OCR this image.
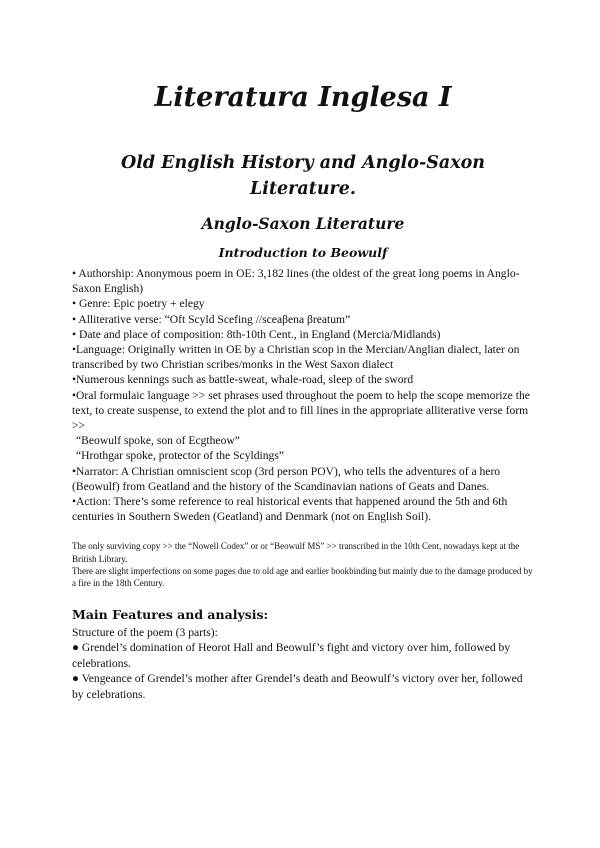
Literatura Inglesa I
Old English History and Anglo-Saxon Literature.
Anglo-Saxon Literature
Introduction to Beowulf
• Authorship: Anonymous poem in OE: 3,182 lines (the oldest of the great long poems in Anglo-Saxon English)
• Genre: Epic poetry + elegy
• Alliterative verse: “Oft Scyld Scefing //sceaβena βreatum”
• Date and place of composition: 8th-10th Cent., in England (Mercia/Midlands)
•Language: Originally written in OE by a Christian scop in the Mercian/Anglian dialect, later on transcribed by two Christian scribes/monks in the West Saxon dialect
•Numerous kennings such as battle-sweat, whale-road, sleep of the sword
•Oral formulaic language >> set phrases used throughout the poem to help the scope memorize the text, to create suspense, to extend the plot and to fill lines in the appropriate alliterative verse form >>
“Beowulf spoke, son of Ecgtheow”
“Hrothgar spoke, protector of the Scyldings”
•Narrator: A Christian omniscient scop (3rd person POV), who tells the adventures of a hero (Beowulf) from Geatland and the history of the Scandinavian nations of Geats and Danes.
•Action: There’s some reference to real historical events that happened around the 5th and 6th centuries in Southern Sweden (Geatland) and Denmark (not on English Soil).

The only surviving copy >> the “Nowell Codex” or or “Beowulf MS” >> transcribed in the 10th Cent, nowadays kept at the British Library.

There are slight imperfections on some pages due to old age and earlier bookbinding but mainly due to the damage produced by a fire in the 18th Century.

Main Features and analysis:
Structure of the poem (3 parts):
● Grendel’s domination of Heorot Hall and Beowulf’s fight and victory over him, followed by celebrations.
● Vengeance of Grendel’s mother after Grendel’s death and Beowulf’s victory over her, followed by celebrations.
